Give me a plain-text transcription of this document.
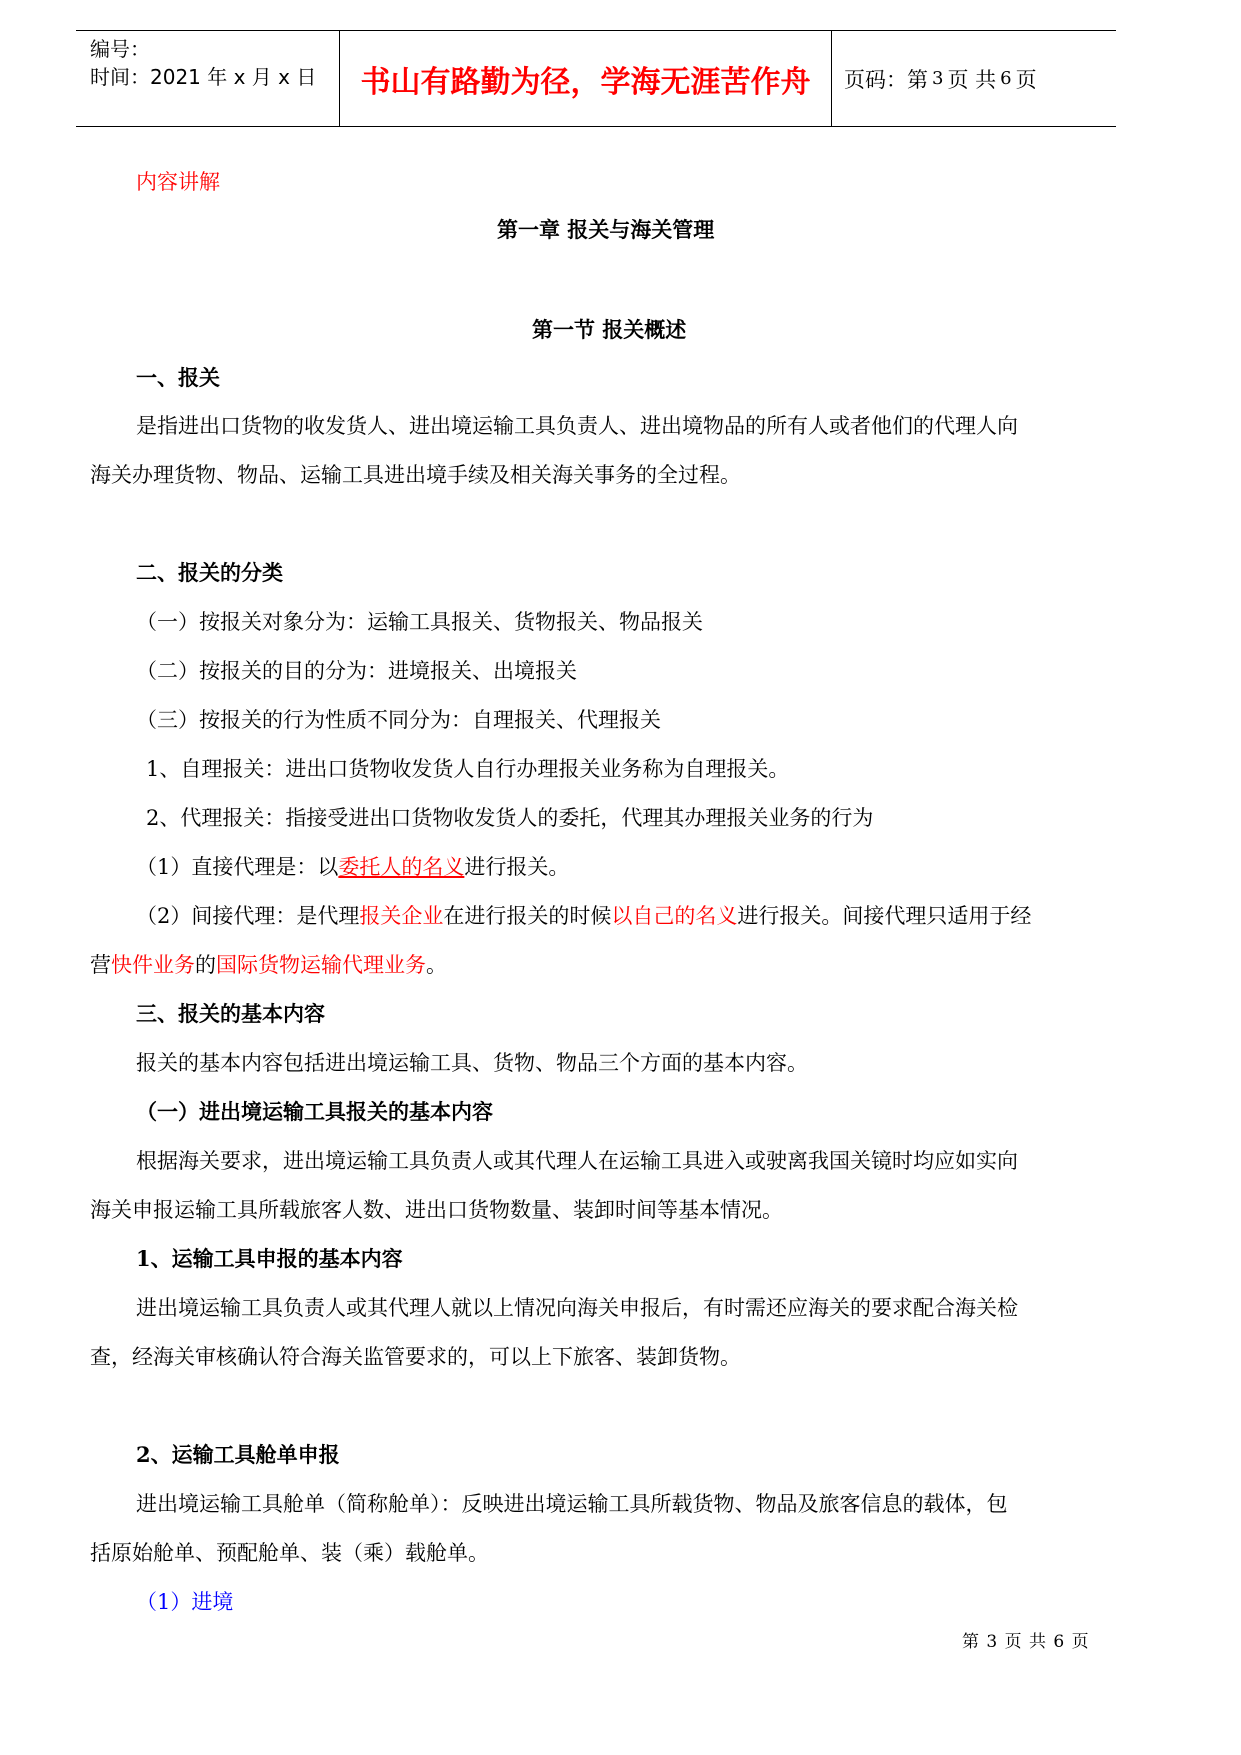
编号：
时间：2021 年 x 月 x 日	书山有路勤为径，学海无涯苦作舟	页码：第 3 页 共 6 页
内容讲解
第一章 报关与海关管理
第一节 报关概述
一、报关
是指进出口货物的收发货人、进出境运输工具负责人、进出境物品的所有人或者他们的代理人向
海关办理货物、物品、运输工具进出境手续及相关海关事务的全过程。
二、报关的分类
（一）按报关对象分为：运输工具报关、货物报关、物品报关
（二）按报关的目的分为：进境报关、出境报关
（三）按报关的行为性质不同分为：自理报关、代理报关
1、自理报关：进出口货物收发货人自行办理报关业务称为自理报关。
2、代理报关：指接受进出口货物收发货人的委托，代理其办理报关业务的行为
（1）直接代理是：以委托人的名义进行报关。
（2）间接代理：是代理报关企业在进行报关的时候以自己的名义进行报关。间接代理只适用于经
营快件业务的国际货物运输代理业务。
三、报关的基本内容
报关的基本内容包括进出境运输工具、货物、物品三个方面的基本内容。
（一）进出境运输工具报关的基本内容
根据海关要求，进出境运输工具负责人或其代理人在运输工具进入或驶离我国关镜时均应如实向
海关申报运输工具所载旅客人数、进出口货物数量、装卸时间等基本情况。
1、运输工具申报的基本内容
进出境运输工具负责人或其代理人就以上情况向海关申报后，有时需还应海关的要求配合海关检
查，经海关审核确认符合海关监管要求的，可以上下旅客、装卸货物。
2、运输工具舱单申报
进出境运输工具舱单（简称舱单）：反映进出境运输工具所载货物、物品及旅客信息的载体，包
括原始舱单、预配舱单、装（乘）载舱单。
（1）进境
第 3 页 共 6 页
